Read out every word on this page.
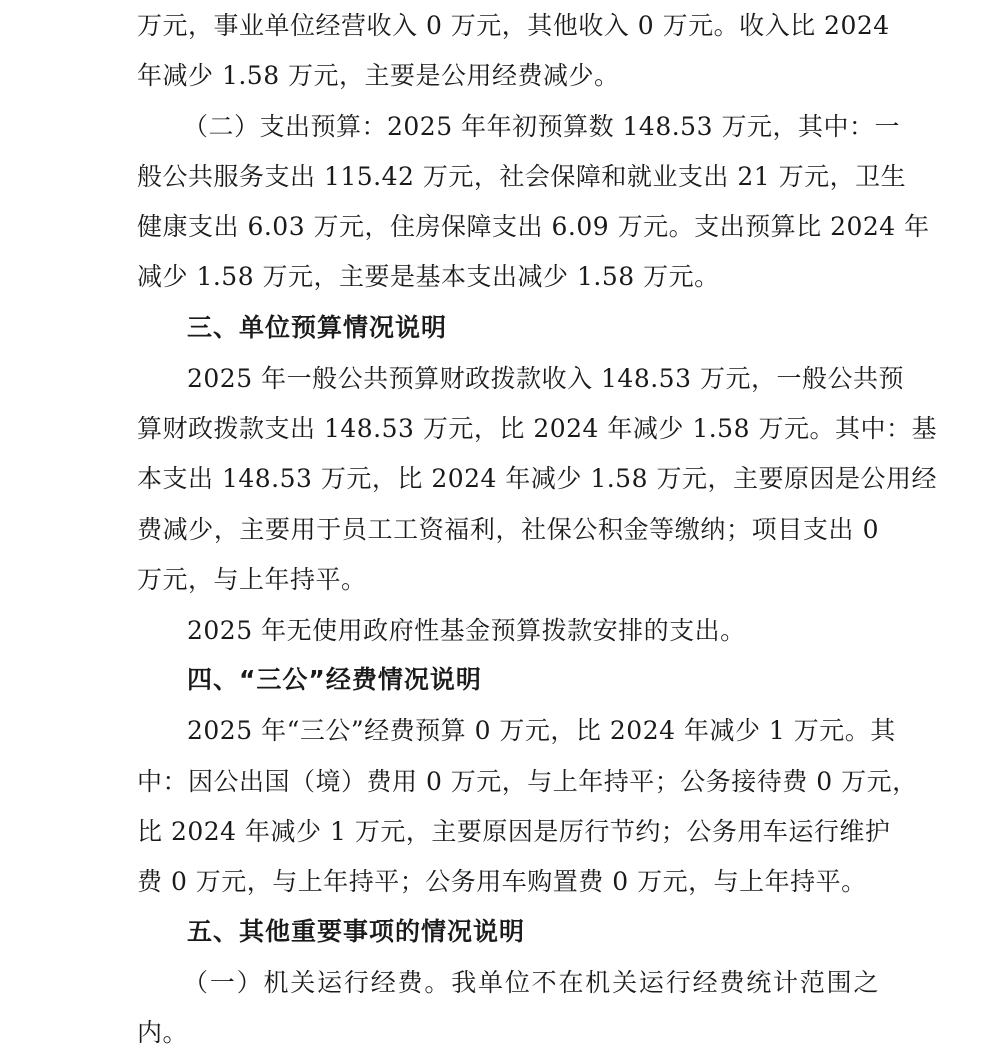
万元，事业单位经营收入 0 万元，其他收入 0 万元。收入比 2024
年减少 1.58 万元，主要是公用经费减少。
（二）支出预算：2025 年年初预算数 148.53 万元，其中：一
般公共服务支出 115.42 万元，社会保障和就业支出 21 万元，卫生
健康支出 6.03 万元，住房保障支出 6.09 万元。支出预算比 2024 年
减少 1.58 万元，主要是基本支出减少 1.58 万元。
三、单位预算情况说明
2025 年一般公共预算财政拨款收入 148.53 万元，一般公共预
算财政拨款支出 148.53 万元，比 2024 年减少 1.58 万元。其中：基
本支出 148.53 万元，比 2024 年减少 1.58 万元，主要原因是公用经
费减少，主要用于员工工资福利，社保公积金等缴纳；项目支出 0
万元，与上年持平。
2025 年无使用政府性基金预算拨款安排的支出。
四、“三公”经费情况说明
2025 年“三公”经费预算 0 万元，比 2024 年减少 1 万元。其
中：因公出国（境）费用 0 万元，与上年持平；公务接待费 0 万元，
比 2024 年减少 1 万元，主要原因是厉行节约；公务用车运行维护
费 0 万元，与上年持平；公务用车购置费 0 万元，与上年持平。
五、其他重要事项的情况说明
（一）机关运行经费。我单位不在机关运行经费统计范围之
内。
